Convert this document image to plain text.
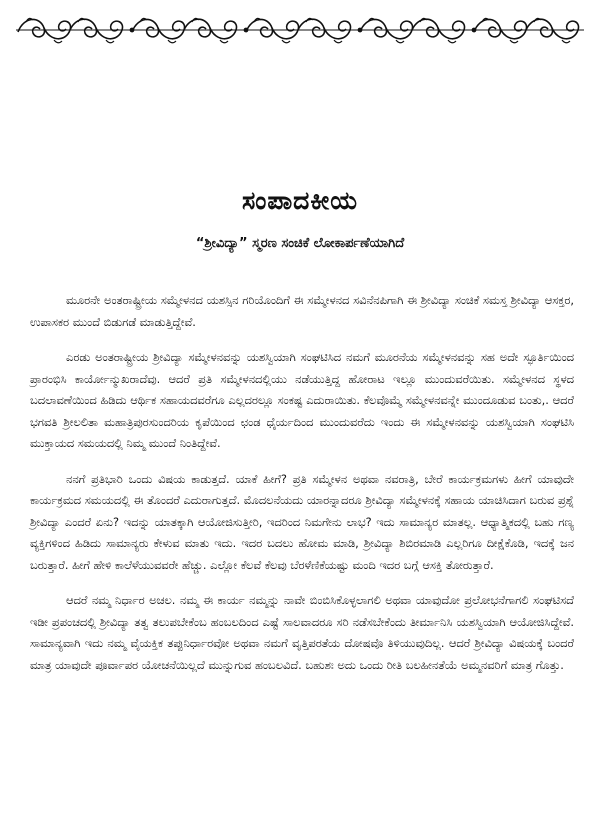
ಸಂಪಾದಕೀಯ
“ಶ್ರೀವಿದ್ಯಾ” ಸ್ಮರಣ ಸಂಚಿಕೆ ಲೋಕಾರ್ಪಣೆಯಾಗಿದೆ

ಮೂರನೇ ಅಂತರಾಷ್ಟ್ರೀಯ ಸಮ್ಮೇಳನದ ಯಶಸ್ಸಿನ ಗರಿಯೊಂದಿಗೆ ಈ ಸಮ್ಮೇಳನದ ಸವಿನೆನಪಿಗಾಗಿ ಈ ಶ್ರೀವಿದ್ಯಾ ಸಂಚಿಕೆ ಸಮಸ್ತ ಶ್ರೀವಿದ್ಯಾ ಆಸಕ್ತರ, ಉಪಾಸಕರ ಮುಂದೆ ಬಿಡುಗಡೆ ಮಾಡುತ್ತಿದ್ದೇವೆ.

ಎರಡು ಅಂತರಾಷ್ಟ್ರೀಯ ಶ್ರೀವಿದ್ಯಾ ಸಮ್ಮೇಳನವನ್ನು ಯಶಸ್ವಿಯಾಗಿ ಸಂಘಟಿಸಿದ ನಮಗೆ ಮೂರನೆಯ ಸಮ್ಮೇಳನವನ್ನು ಸಹ ಅದೇ ಸ್ಫೂರ್ತಿಯಿಂದ ಪ್ರಾರಂಭಿಸಿ ಕಾರ್ಯೋನ್ಮುಖರಾದೆವು. ಆದರೆ ಪ್ರತಿ ಸಮ್ಮೇಳನದಲ್ಲಿಯು ನಡೆಯುತ್ತಿದ್ದ ಹೋರಾಟ ಇಲ್ಲೂ ಮುಂದುವರೆಯಿತು. ಸಮ್ಮೇಳನದ ಸ್ಥಳದ ಬದಲಾವಣೆಯಿಂದ ಹಿಡಿದು ಆರ್ಥಿಕ ಸಹಾಯದವರೆಗೂ ಎಲ್ಲದರಲ್ಲೂ ಸಂಕಷ್ಟ ಎದುರಾಯಿತು. ಕೆಲವೊಮ್ಮೆ ಸಮ್ಮೇಳನವನ್ನೇ ಮುಂದೂಡುವ ಬಂತು,. ಆದರೆ ಭಗವತಿ ಶ್ರೀಲಲಿತಾ ಮಹಾತ್ರಿಪುರಸುಂದರಿಯ ಕೃಪೆಯಿಂದ ಛಂಡ ಧೈರ್ಯದಿಂದ ಮುಂದುವರೆದು ಇಂದು ಈ ಸಮ್ಮೇಳನವನ್ನು ಯಶಸ್ವಿಯಾಗಿ ಸಂಘಟಿಸಿ ಮುಕ್ತಾಯದ ಸಮಯದಲ್ಲಿ ನಿಮ್ಮ ಮುಂದೆ ನಿಂತಿದ್ದೇವೆ.

ನನಗೆ ಪ್ರತಿಭಾರಿ ಒಂದು ವಿಷಯ ಕಾಡುತ್ತದೆ. ಯಾಕೆ ಹೀಗೆ? ಪ್ರತಿ ಸಮ್ಮೇಳನ ಅಥವಾ ನವರಾತ್ರಿ, ಬೇರೆ ಕಾರ್ಯಕ್ರಮಗಳು ಹೀಗೆ ಯಾವುದೇ ಕಾರ್ಯಕ್ರಮದ ಸಮಯದಲ್ಲಿ ಈ ತೊಂದರೆ ಎದುರಾಗುತ್ತದೆ. ಮೊದಲನೆಯದು ಯಾರನ್ನಾದರೂ ಶ್ರೀವಿದ್ಯಾ ಸಮ್ಮೇಳನಕ್ಕೆ ಸಹಾಯ ಯಾಚಿಸಿದಾಗ ಬರುವ ಪ್ರಶ್ನೆ ಶ್ರೀವಿದ್ಯಾ ಎಂದರೆ ಏನು? ಇದನ್ನು ಯಾತಕ್ಕಾಗಿ ಆಯೋಜಿಸುತ್ತೀರಿ, ಇದರಿಂದ ನಿಮಗೇನು ಲಾಭ? ಇದು ಸಾಮಾನ್ಯರ ಮಾತಲ್ಲ. ಆಧ್ಯಾತ್ಮಿಕದಲ್ಲಿ ಬಹು ಗಣ್ಯ ವ್ಯಕ್ತಿಗಳಿಂದ ಹಿಡಿದು ಸಾಮಾನ್ಯರು ಕೇಳುವ ಮಾತು ಇದು. ಇದರ ಬದಲು ಹೋಮ ಮಾಡಿ, ಶ್ರೀವಿದ್ಯಾ ಶಿಬಿರಮಾಡಿ ಎಲ್ಲರಿಗೂ ದೀಕ್ಷೆಕೊಡಿ, ಇದಕ್ಕೆ ಜನ ಬರುತ್ತಾರೆ. ಹೀಗೆ ಹೇಳಿ ಕಾಲೆಳೆಯುವವರೇ ಹೆಚ್ಚು. ಎಲ್ಲೋ ಕೆಲವೆ ಕೆಲವು ಬೆರಳೆಣಿಕೆಯಷ್ಟು ಮಂದಿ ಇದರ ಬಗ್ಗೆ ಆಸಕ್ತಿ ತೋರುತ್ತಾರೆ.

ಆದರೆ ನಮ್ಮ ನಿರ್ಧಾರ ಅಚಲ. ನಮ್ಮ ಈ ಕಾರ್ಯ ನಮ್ಮನ್ನು ನಾವೇ ಬಿಂಬಿಸಿಕೊಳ್ಳಲಾಗಲಿ ಅಥವಾ ಯಾವುದೋ ಪ್ರಲೋಭನೆಗಾಗಲಿ ಸಂಘಟಿಸದೆ ಇಡೀ ಪ್ರಪಂಚದಲ್ಲಿ ಶ್ರೀವಿದ್ಯಾ ತತ್ವ ತಲುಪಬೇಕೆಂಬ ಹಂಬಲದಿಂದ ಎಷ್ಟೆ ಸಾಲವಾದರೂ ಸರಿ ನಡೆಸಬೇಕೆಂದು ತೀರ್ಮಾನಿಸಿ ಯಶಸ್ವಿಯಾಗಿ ಆಯೋಜಿಸಿದ್ದೇವೆ. ಸಾಮಾನ್ಯವಾಗಿ ಇದು ನಮ್ಮ ವೈಯಕ್ತಿಕ ತಪ್ಪುನಿರ್ಧಾರವೋ ಅಥವಾ ನಮಗೆ ವೃತ್ತಿಪರತೆಯ ದೋಷವೊ ತಿಳಿಯುವುದಿಲ್ಲ. ಆದರೆ ಶ್ರೀವಿದ್ಯಾ ವಿಷಯಕ್ಕೆ ಬಂದರೆ ಮಾತ್ರ ಯಾವುದೇ ಪೂರ್ವಾಪರ ಯೋಚನೆಯಿಲ್ಲದೆ ಮುನ್ನುಗುವ ಹಂಬಲವಿದೆ. ಬಹುಶಃ ಅದು ಒಂದು ರೀತಿ ಬಲಹೀನತೆಯೆ ಅಮ್ಮನವರಿಗೆ ಮಾತ್ರ ಗೊತ್ತು.
